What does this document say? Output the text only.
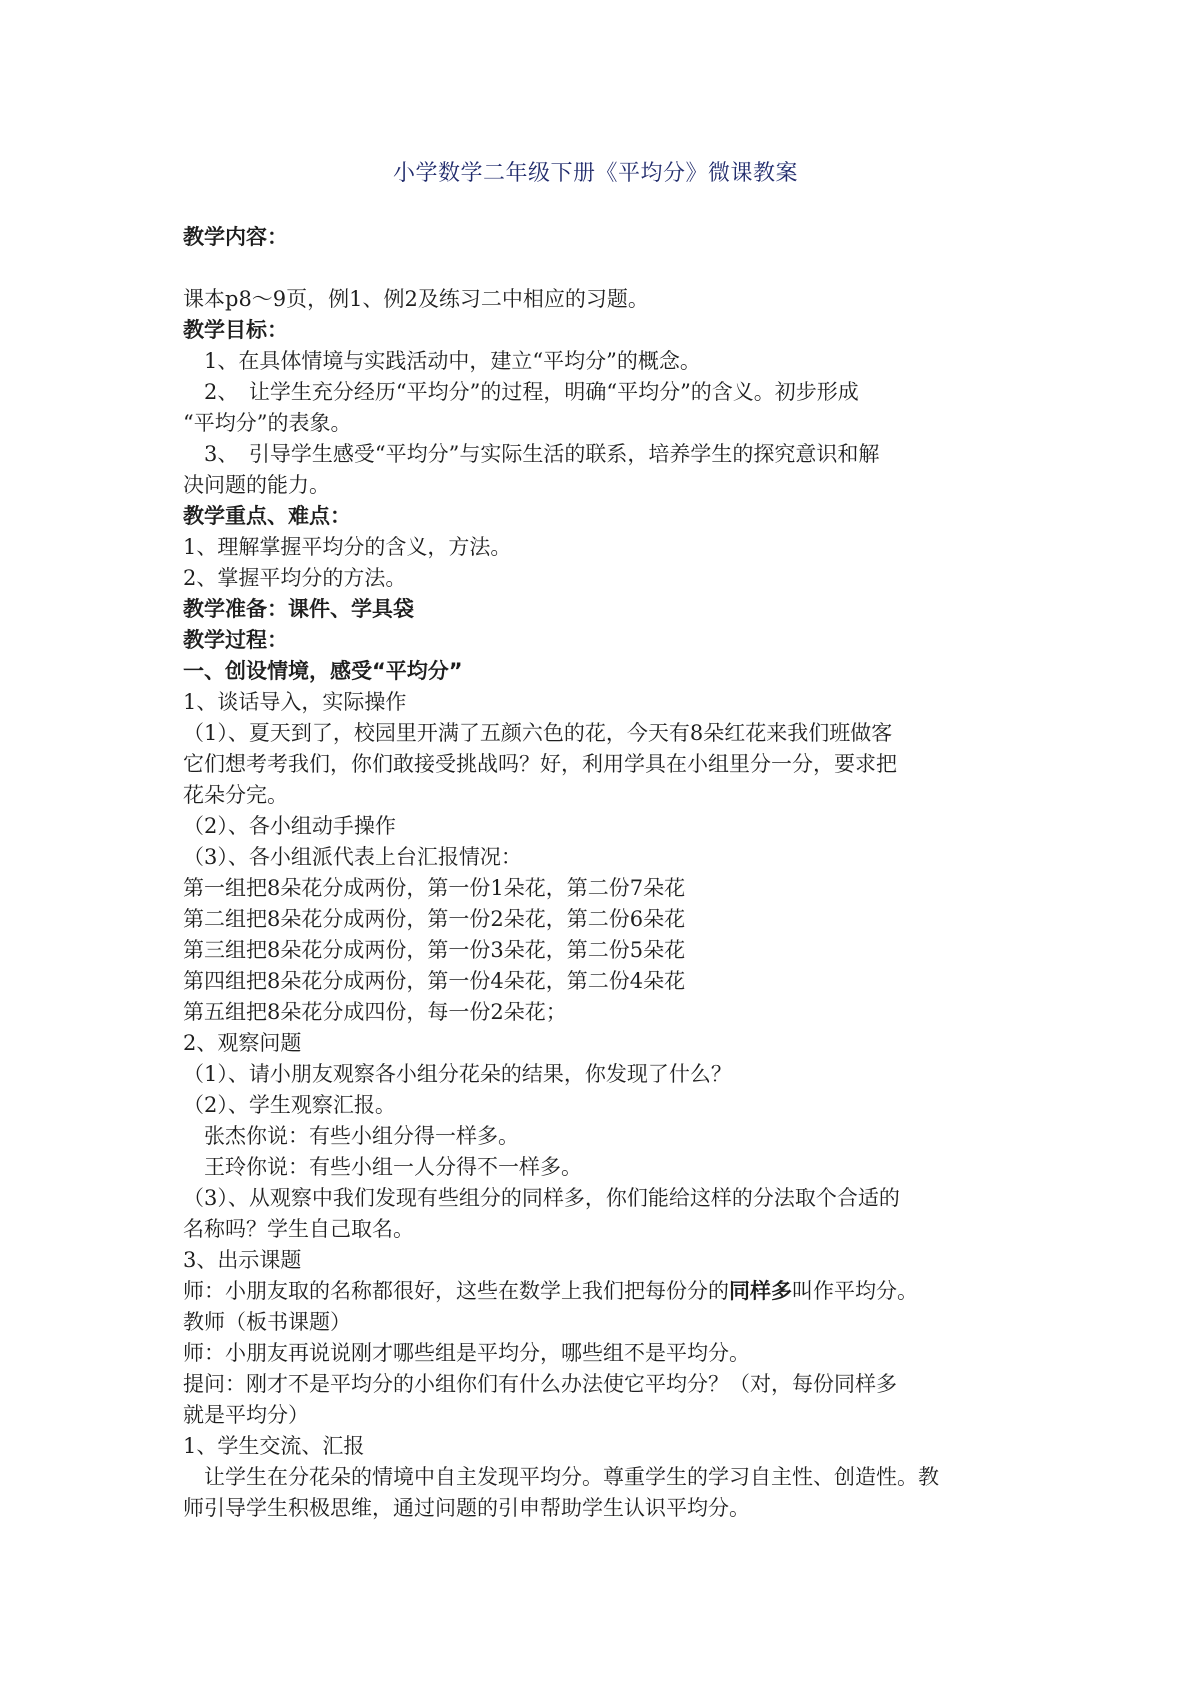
小学数学二年级下册《平均分》微课教案
教学内容：
课本p8～9页，例1、例2及练习二中相应的习题。
教学目标：
　1、在具体情境与实践活动中，建立“平均分”的概念。
　2、　让学生充分经历“平均分”的过程，明确“平均分”的含义。初步形成
“平均分”的表象。
　3、　引导学生感受“平均分”与实际生活的联系，培养学生的探究意识和解
决问题的能力。
教学重点、难点：
1、理解掌握平均分的含义，方法。
2、掌握平均分的方法。
教学准备：课件、学具袋
教学过程：
一、创设情境，感受“平均分”
1、谈话导入，实际操作
（1）、夏天到了，校园里开满了五颜六色的花，今天有8朵红花来我们班做客
它们想考考我们，你们敢接受挑战吗？好，利用学具在小组里分一分，要求把
花朵分完。
（2）、各小组动手操作
（3）、各小组派代表上台汇报情况：
第一组把8朵花分成两份，第一份1朵花，第二份7朵花
第二组把8朵花分成两份，第一份2朵花，第二份6朵花
第三组把8朵花分成两份，第一份3朵花，第二份5朵花
第四组把8朵花分成两份，第一份4朵花，第二份4朵花
第五组把8朵花分成四份，每一份2朵花；
2、观察问题
（1）、请小朋友观察各小组分花朵的结果，你发现了什么？
（2）、学生观察汇报。
　张杰你说：有些小组分得一样多。
　王玲你说：有些小组一人分得不一样多。
（3）、从观察中我们发现有些组分的同样多，你们能给这样的分法取个合适的
名称吗？学生自己取名。
3、出示课题
师：小朋友取的名称都很好，这些在数学上我们把每份分的同样多叫作平均分。
教师（板书课题）
师：小朋友再说说刚才哪些组是平均分，哪些组不是平均分。
提问：刚才不是平均分的小组你们有什么办法使它平均分？（对，每份同样多
就是平均分）
1、学生交流、汇报
　让学生在分花朵的情境中自主发现平均分。尊重学生的学习自主性、创造性。教
师引导学生积极思维，通过问题的引申帮助学生认识平均分。
